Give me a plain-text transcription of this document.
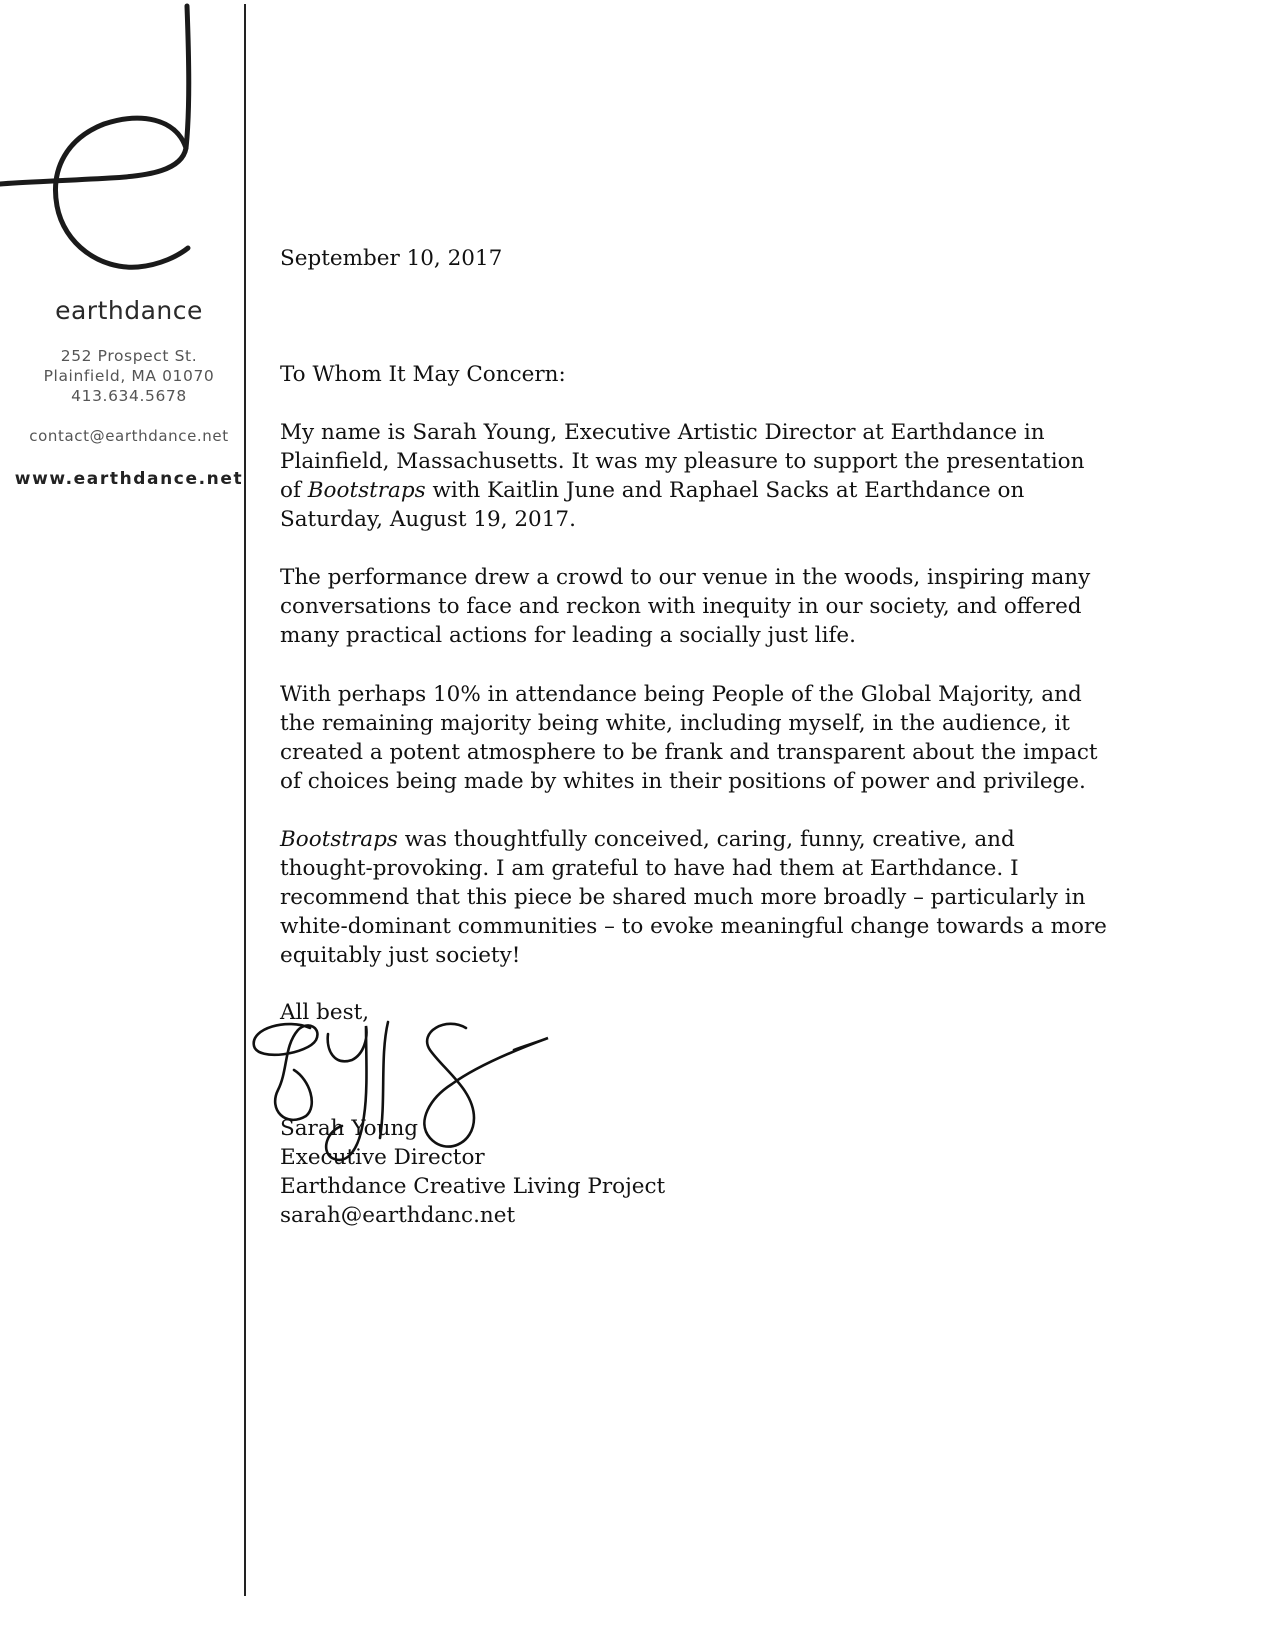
earthdance
252 Prospect St.
Plainfield, MA 01070
413.634.5678
contact@earthdance.net
www.earthdance.net
September 10, 2017
To Whom It May Concern:

My name is Sarah Young, Executive Artistic Director at Earthdance in Plainfield, Massachusetts. It was my pleasure to support the presentation of Bootstraps with Kaitlin June and Raphael Sacks at Earthdance on Saturday, August 19, 2017.

The performance drew a crowd to our venue in the woods, inspiring many conversations to face and reckon with inequity in our society, and offered many practical actions for leading a socially just life.

With perhaps 10% in attendance being People of the Global Majority, and the remaining majority being white, including myself, in the audience, it created a potent atmosphere to be frank and transparent about the impact of choices being made by whites in their positions of power and privilege.

Bootstraps was thoughtfully conceived, caring, funny, creative, and thought-provoking. I am grateful to have had them at Earthdance. I recommend that this piece be shared much more broadly – particularly in white-dominant communities – to evoke meaningful change towards a more equitably just society!

All best,
Sarah Young
Executive Director
Earthdance Creative Living Project
sarah@earthdanc.net
